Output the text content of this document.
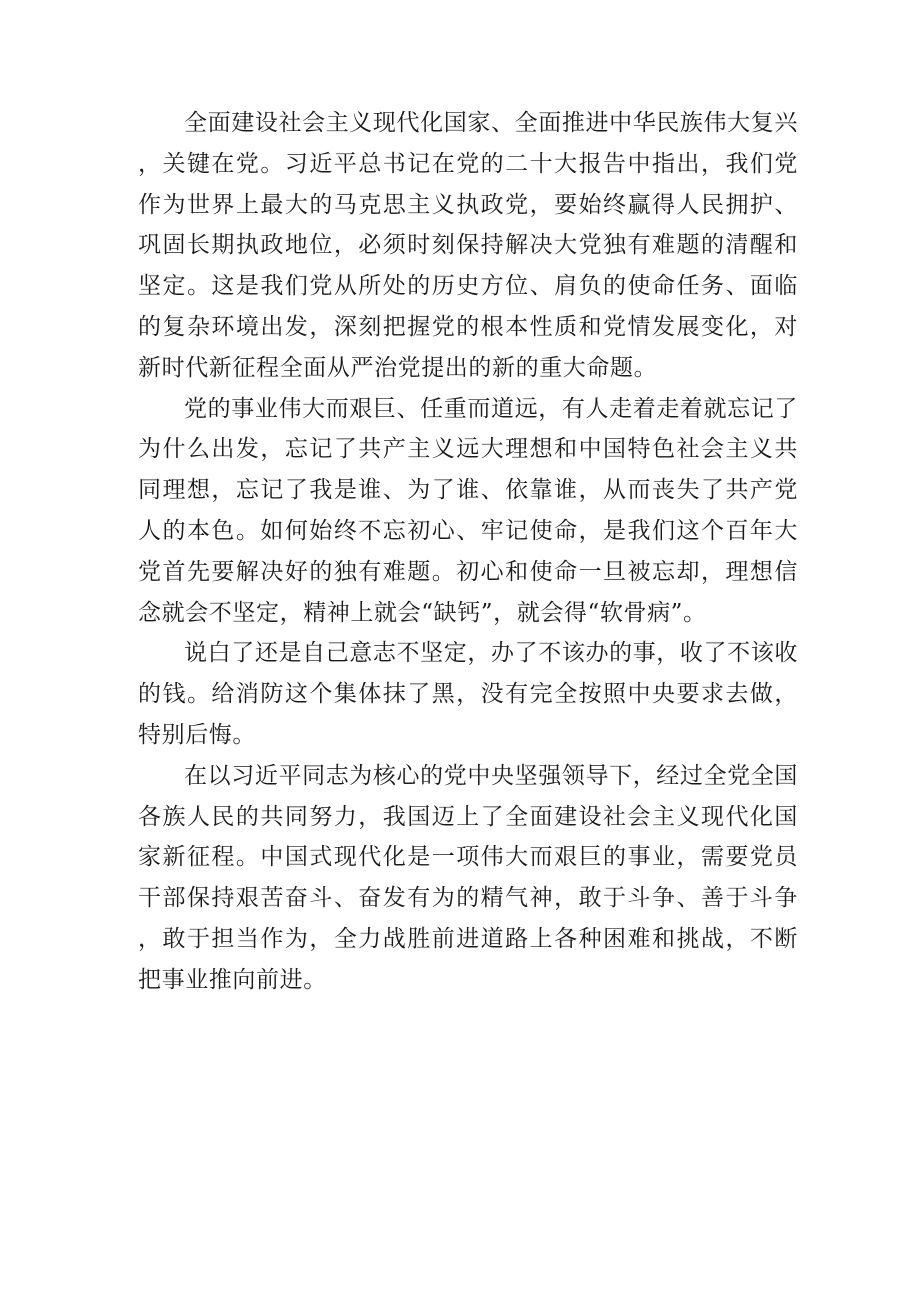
全面建设社会主义现代化国家、全面推进中华民族伟大复兴，关键在党。习近平总书记在党的二十大报告中指出，我们党作为世界上最大的马克思主义执政党，要始终赢得人民拥护、巩固长期执政地位，必须时刻保持解决大党独有难题的清醒和坚定。这是我们党从所处的历史方位、肩负的使命任务、面临的复杂环境出发，深刻把握党的根本性质和党情发展变化，对新时代新征程全面从严治党提出的新的重大命题。

党的事业伟大而艰巨、任重而道远，有人走着走着就忘记了为什么出发，忘记了共产主义远大理想和中国特色社会主义共同理想，忘记了我是谁、为了谁、依靠谁，从而丧失了共产党人的本色。如何始终不忘初心、牢记使命，是我们这个百年大党首先要解决好的独有难题。初心和使命一旦被忘却，理想信念就会不坚定，精神上就会“缺钙”，就会得“软骨病”。

说白了还是自己意志不坚定，办了不该办的事，收了不该收的钱。给消防这个集体抹了黑，没有完全按照中央要求去做，特别后悔。

在以习近平同志为核心的党中央坚强领导下，经过全党全国各族人民的共同努力，我国迈上了全面建设社会主义现代化国家新征程。中国式现代化是一项伟大而艰巨的事业，需要党员干部保持艰苦奋斗、奋发有为的精气神，敢于斗争、善于斗争，敢于担当作为，全力战胜前进道路上各种困难和挑战，不断把事业推向前进。
